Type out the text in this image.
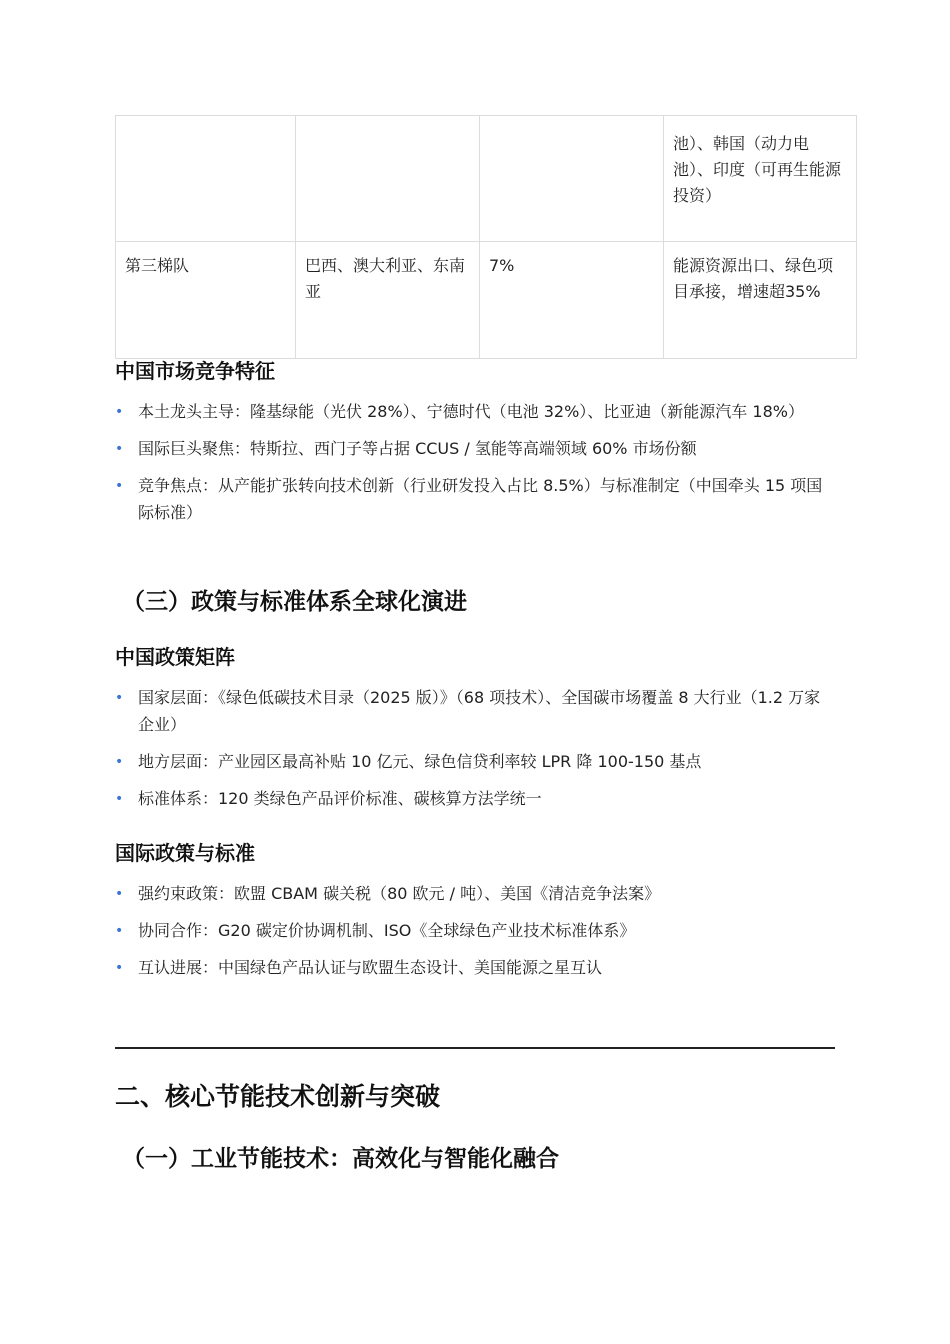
			池）、韩国（动力电池）、印度（可再生能源投资）
第三梯队	巴西、澳大利亚、东南亚	7%	能源资源出口、绿色项目承接，增速超35%
中国市场竞争特征
• 本土龙头主导：隆基绿能（光伏 28%）、宁德时代（电池 32%）、比亚迪（新能源汽车 18%）
• 国际巨头聚焦：特斯拉、西门子等占据 CCUS / 氢能等高端领域 60% 市场份额
• 竞争焦点：从产能扩张转向技术创新（行业研发投入占比 8.5%）与标准制定（中国牵头 15 项国际标准）
（三）政策与标准体系全球化演进
中国政策矩阵
• 国家层面：《绿色低碳技术目录（2025 版）》（68 项技术）、全国碳市场覆盖 8 大行业（1.2 万家企业）
• 地方层面：产业园区最高补贴 10 亿元、绿色信贷利率较 LPR 降 100-150 基点
• 标准体系：120 类绿色产品评价标准、碳核算方法学统一
国际政策与标准
• 强约束政策：欧盟 CBAM 碳关税（80 欧元 / 吨）、美国《清洁竞争法案》
• 协同合作：G20 碳定价协调机制、ISO《全球绿色产业技术标准体系》
• 互认进展：中国绿色产品认证与欧盟生态设计、美国能源之星互认
二、核心节能技术创新与突破
（一）工业节能技术：高效化与智能化融合
